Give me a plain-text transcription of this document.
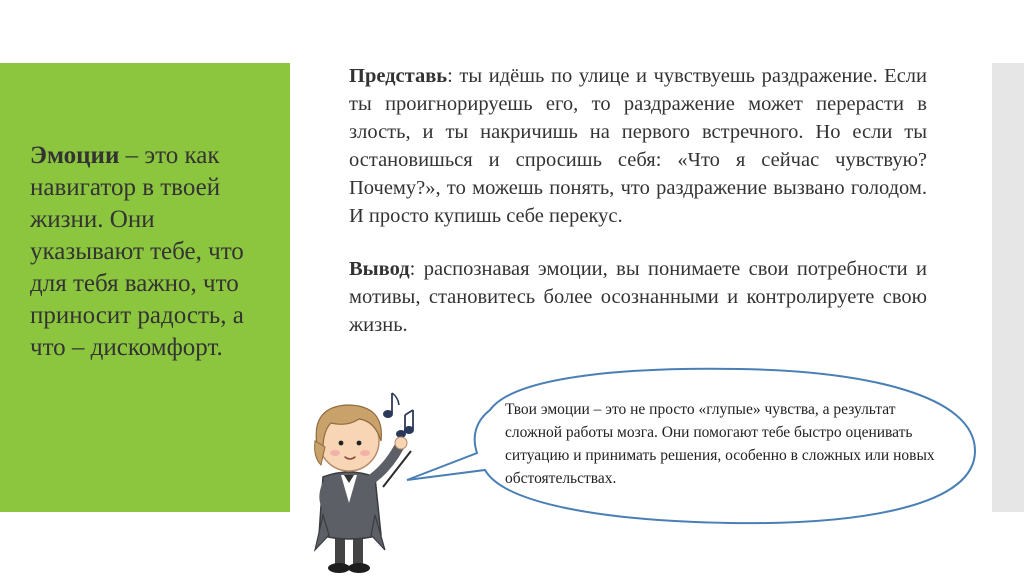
Эмоции – это как навигатор в твоей жизни. Они указывают тебе, что для тебя важно, что приносит радость, а что – дискомфорт.

Представь: ты идёшь по улице и чувствуешь раздражение. Если ты проигнорируешь его, то раздражение может перерасти в злость, и ты накричишь на первого встречного. Но если ты остановишься и спросишь себя: «Что я сейчас чувствую? Почему?», то можешь понять, что раздражение вызвано голодом. И просто купишь себе перекус.

Вывод: распознавая эмоции, вы понимаете свои потребности и мотивы, становитесь более осознанными и контролируете свою жизнь.

Твои эмоции – это не просто «глупые» чувства, а результат сложной работы мозга. Они помогают тебе быстро оценивать ситуацию и принимать решения, особенно в сложных или новых обстоятельствах.
